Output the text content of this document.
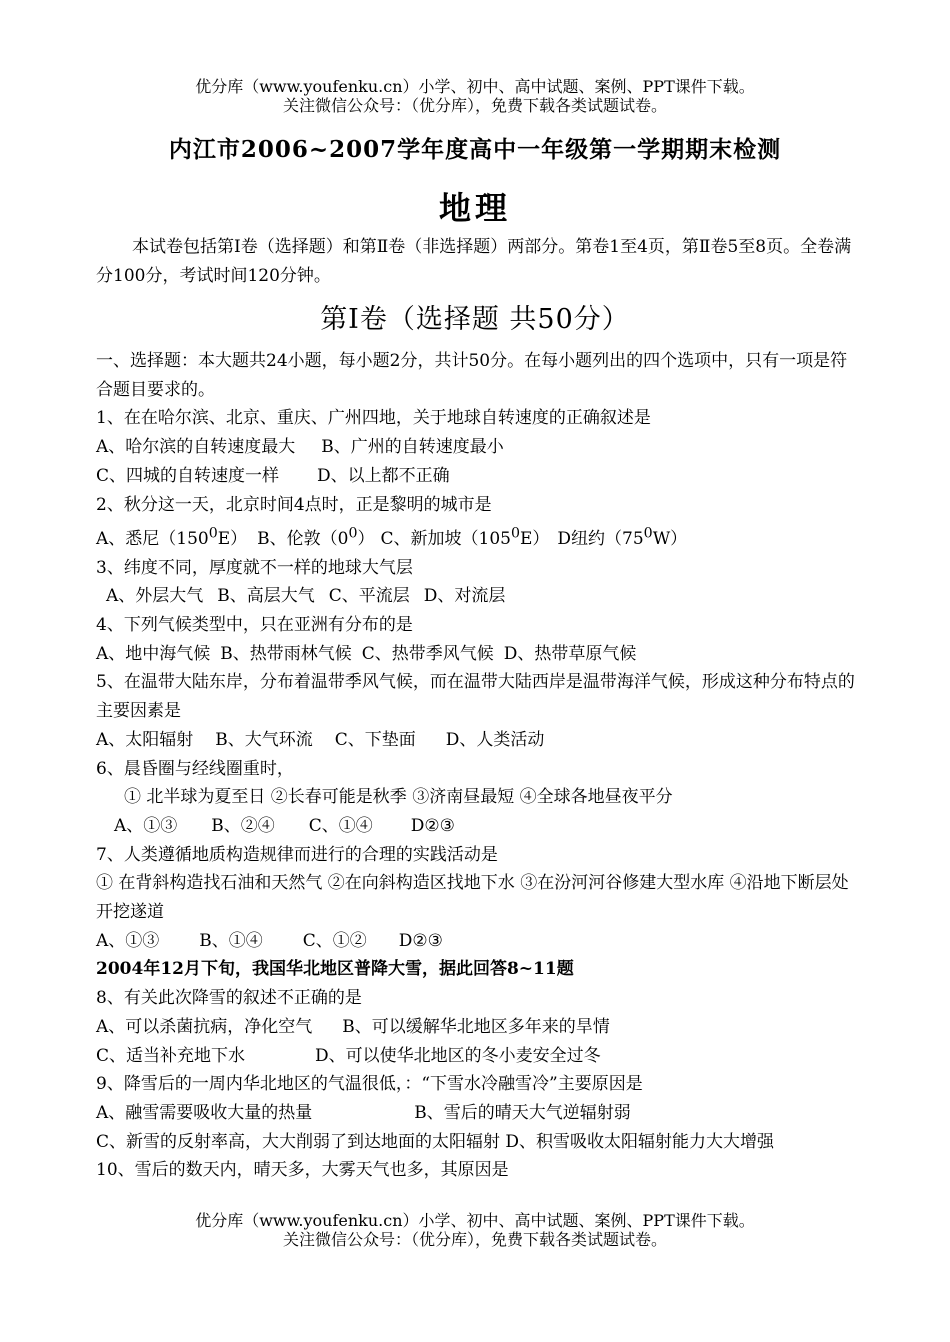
优分库（www.youfenku.cn）小学、初中、高中试题、案例、PPT课件下载。
关注微信公众号：（优分库），免费下载各类试题试卷。
内江市2006~2007学年度高中一年级第一学期期末检测
地理
本试卷包括第Ⅰ卷（选择题）和第Ⅱ卷（非选择题）两部分。第卷1至4页，第Ⅱ卷5至8页。全卷满分100分，考试时间120分钟。
第Ⅰ卷（选择题 共50分）

一、选择题：本大题共24小题，每小题2分，共计50分。在每小题列出的四个选项中，只有一项是符合题目要求的。

1、在在哈尔滨、北京、重庆、广州四地，关于地球自转速度的正确叙述是

A、哈尔滨的自转速度最大 B、广州的自转速度最小

C、四城的自转速度一样 D、以上都不正确

2、秋分这一天，北京时间4点时，正是黎明的城市是

A、悉尼$(150^0E)$ B、伦敦$(0^0)$ C、新加坡$(105^0E)$ D纽约$(75^0W)$

3、纬度不同，厚度就不一样的地球大气层

A、外层大气 B、高层大气 C、平流层 D、对流层

4、下列气候类型中，只在亚洲有分布的是

A、地中海气候 B、热带雨林气候 C、热带季风气候 D、热带草原气候

5、在温带大陆东岸，分布着温带季风气候，而在温带大陆西岸是温带海洋气候，形成这种分布特点的主要因素是

A、太阳辐射 B、大气环流 C、下垫面 D、人类活动

6、晨昏圈与经线圈重时，

① 北半球为夏至日 ②长春可能是秋季 ③济南昼最短 ④全球各地昼夜平分

A、①③ B、②④ C、①④ D②③

7、人类遵循地质构造规律而进行的合理的实践活动是

① 在背斜构造找石油和天然气 ②在向斜构造区找地下水 ③在汾河河谷修建大型水库 ④沿地下断层处开挖遂道

A、①③ B、①④ C、①② D②③

2004年12月下旬，我国华北地区普降大雪，据此回答8~11题

8、有关此次降雪的叙述不正确的是

A、可以杀菌抗病，净化空气 B、可以缓解华北地区多年来的旱情

C、适当补充地下水	D、可以使华北地区的冬小麦安全过冬

9、降雪后的一周内华北地区的气温很低，：“下雪水冷融雪冷”主要原因是

A、融雪需要吸收大量的热量	B、雪后的晴天大气逆辐射弱

C、新雪的反射率高，大大削弱了到达地面的太阳辐射 D、积雪吸收太阳辐射能力大大增强

10、雪后的数天内，晴天多，大雾天气也多，其原因是

优分库（www.youfenku.cn）小学、初中、高中试题、案例、PPT课件下载。
关注微信公众号：（优分库），免费下载各类试题试卷。
